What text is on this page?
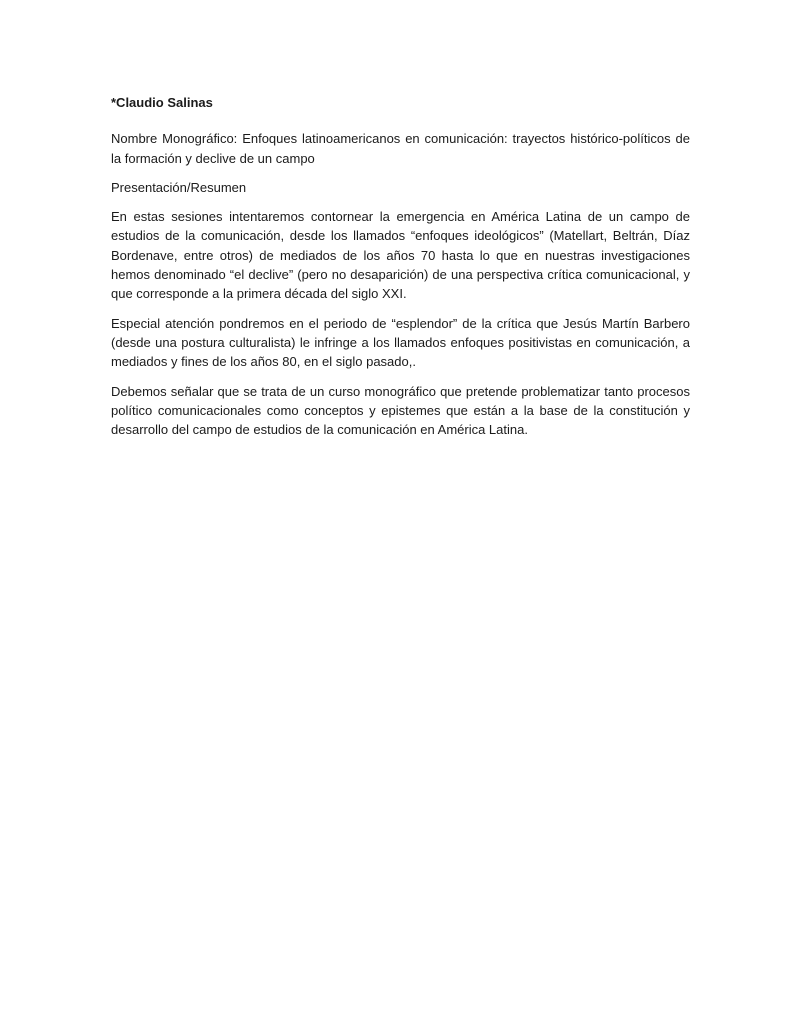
*Claudio Salinas

Nombre Monográfico: Enfoques latinoamericanos en comunicación: trayectos histórico-políticos de la formación y declive de un campo

Presentación/Resumen

En estas sesiones intentaremos contornear la emergencia en América Latina de un campo de estudios de la comunicación, desde los llamados “enfoques ideológicos” (Matellart, Beltrán, Díaz Bordenave, entre otros) de mediados de los años 70 hasta lo que en nuestras investigaciones hemos denominado “el declive” (pero no desaparición) de una perspectiva crítica comunicacional, y que corresponde a la primera década del siglo XXI.

Especial atención pondremos en el periodo de “esplendor” de la crítica que Jesús Martín Barbero (desde una postura culturalista) le infringe a los llamados enfoques positivistas en comunicación, a mediados y fines de los años 80, en el siglo pasado,.

Debemos señalar que se trata de un curso monográfico que pretende problematizar tanto procesos político comunicacionales como conceptos y epistemes que están a la base de la constitución y desarrollo del campo de estudios de la comunicación en América Latina.
